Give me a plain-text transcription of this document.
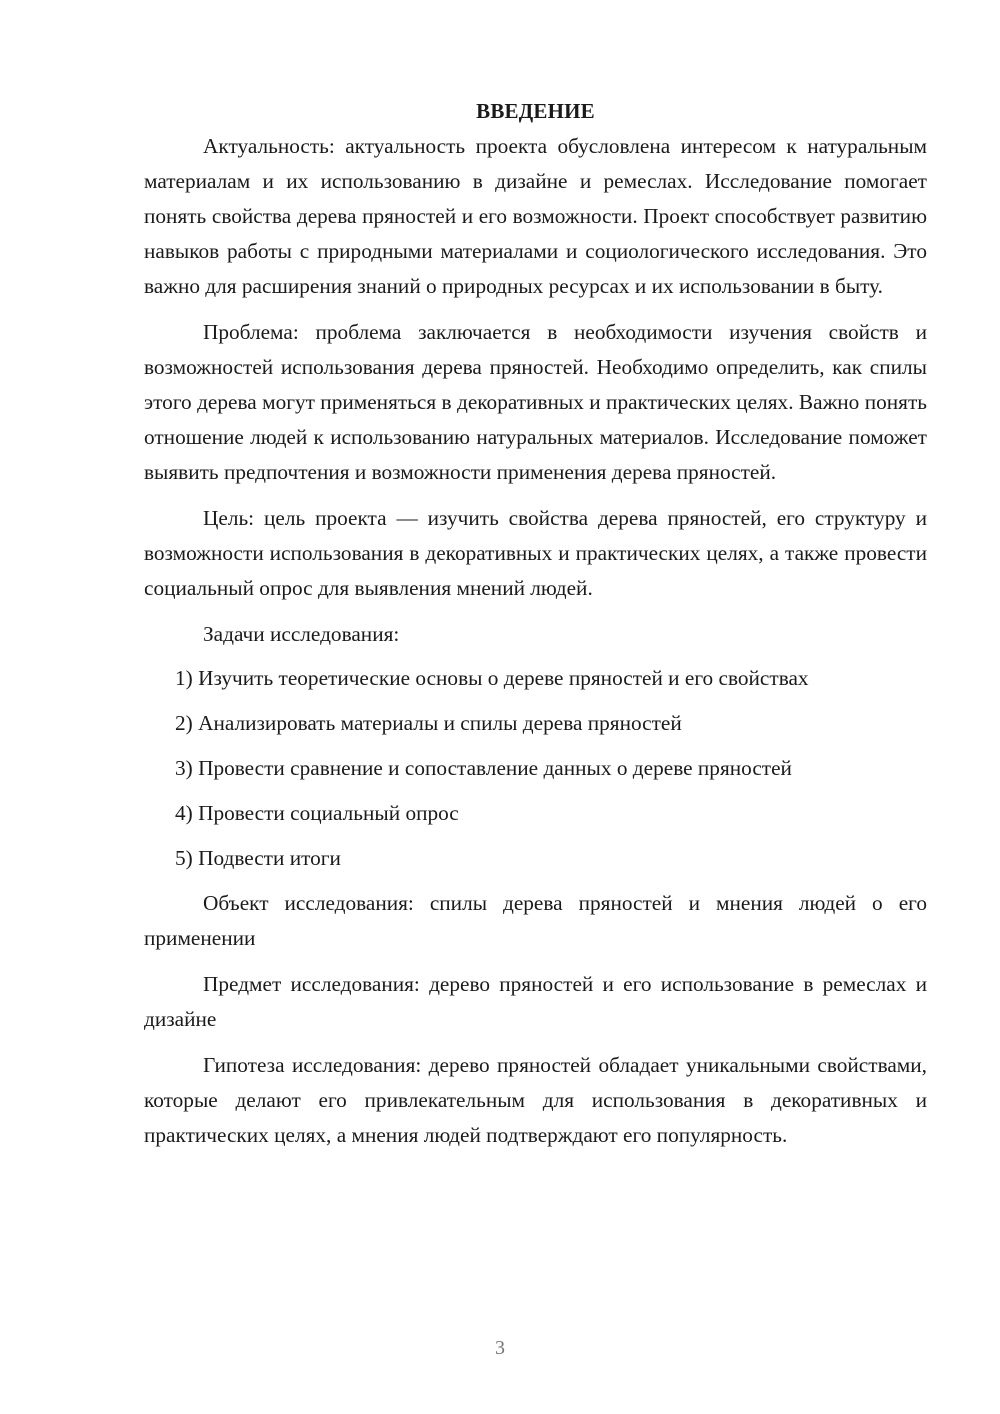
ВВЕДЕНИЕ

Актуальность: актуальность проекта обусловлена интересом к натуральным материалам и их использованию в дизайне и ремеслах. Исследование помогает понять свойства дерева пряностей и его возможности. Проект способствует развитию навыков работы с природными материалами и социологического исследования. Это важно для расширения знаний о природных ресурсах и их использовании в быту.

Проблема: проблема заключается в необходимости изучения свойств и возможностей использования дерева пряностей. Необходимо определить, как спилы этого дерева могут применяться в декоративных и практических целях. Важно понять отношение людей к использованию натуральных материалов. Исследование поможет выявить предпочтения и возможности применения дерева пряностей.

Цель: цель проекта — изучить свойства дерева пряностей, его структуру и возможности использования в декоративных и практических целях, а также провести социальный опрос для выявления мнений людей.

Задачи исследования:

1) Изучить теоретические основы о дереве пряностей и его свойствах
2) Анализировать материалы и спилы дерева пряностей
3) Провести сравнение и сопоставление данных о дереве пряностей
4) Провести социальный опрос
5) Подвести итоги

Объект исследования: спилы дерева пряностей и мнения людей о его применении

Предмет исследования: дерево пряностей и его использование в ремеслах и дизайне

Гипотеза исследования: дерево пряностей обладает уникальными свойствами, которые делают его привлекательным для использования в декоративных и практических целях, а мнения людей подтверждают его популярность.

3
